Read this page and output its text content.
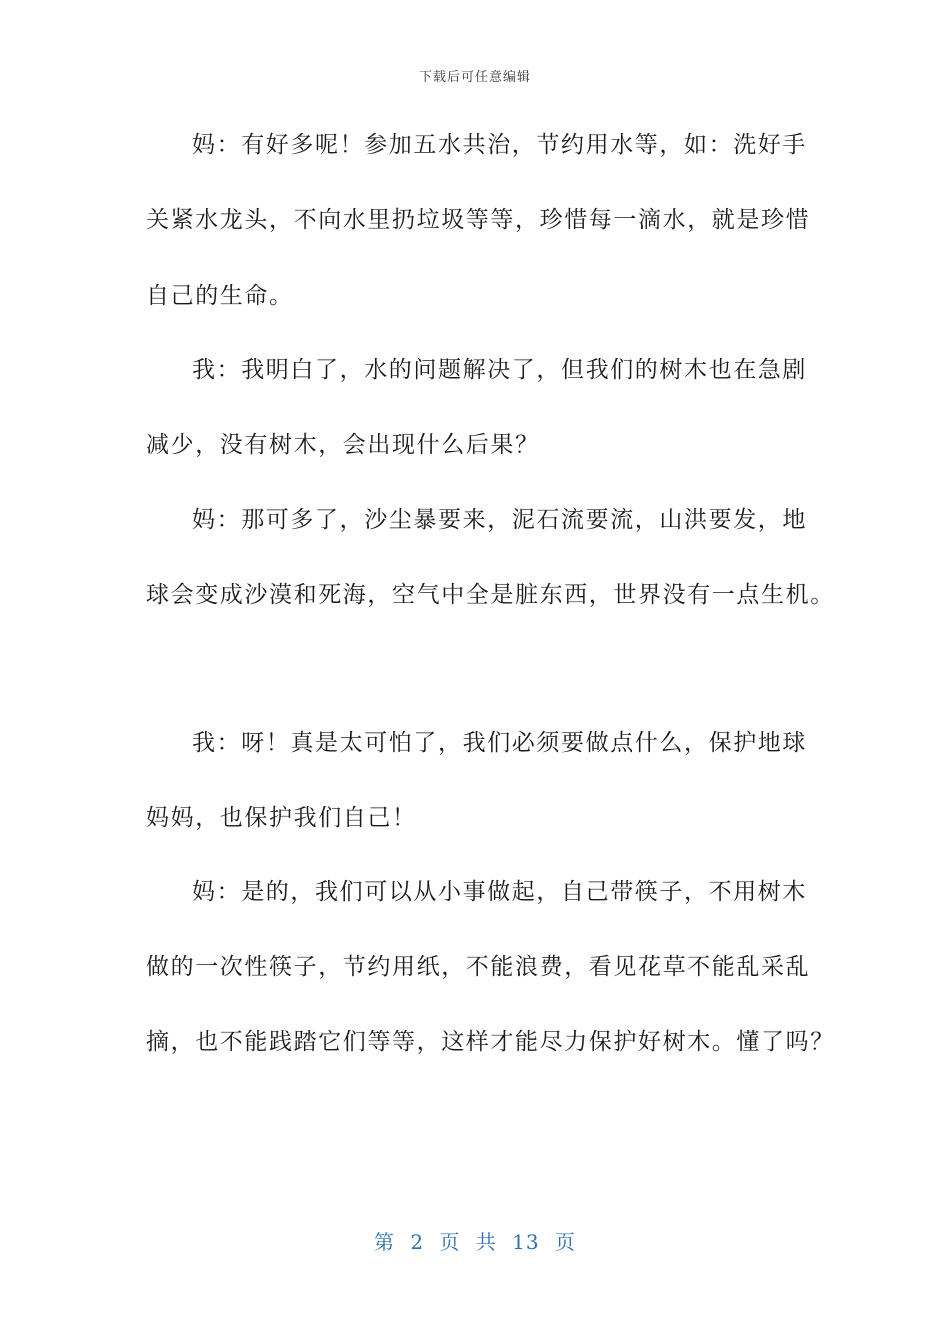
下载后可任意编辑
妈：有好多呢！参加五水共治，节约用水等，如：洗好手
关紧水龙头，不向水里扔垃圾等等，珍惜每一滴水，就是珍惜
自己的生命。
我：我明白了，水的问题解决了，但我们的树木也在急剧
减少，没有树木，会出现什么后果？
妈：那可多了，沙尘暴要来，泥石流要流，山洪要发，地
球会变成沙漠和死海，空气中全是脏东西，世界没有一点生机。
我：呀！真是太可怕了，我们必须要做点什么，保护地球
妈妈，也保护我们自己！
妈：是的，我们可以从小事做起，自己带筷子，不用树木
做的一次性筷子，节约用纸，不能浪费，看见花草不能乱采乱
摘，也不能践踏它们等等，这样才能尽力保护好树木。懂了吗？
第 2 页 共 13 页
